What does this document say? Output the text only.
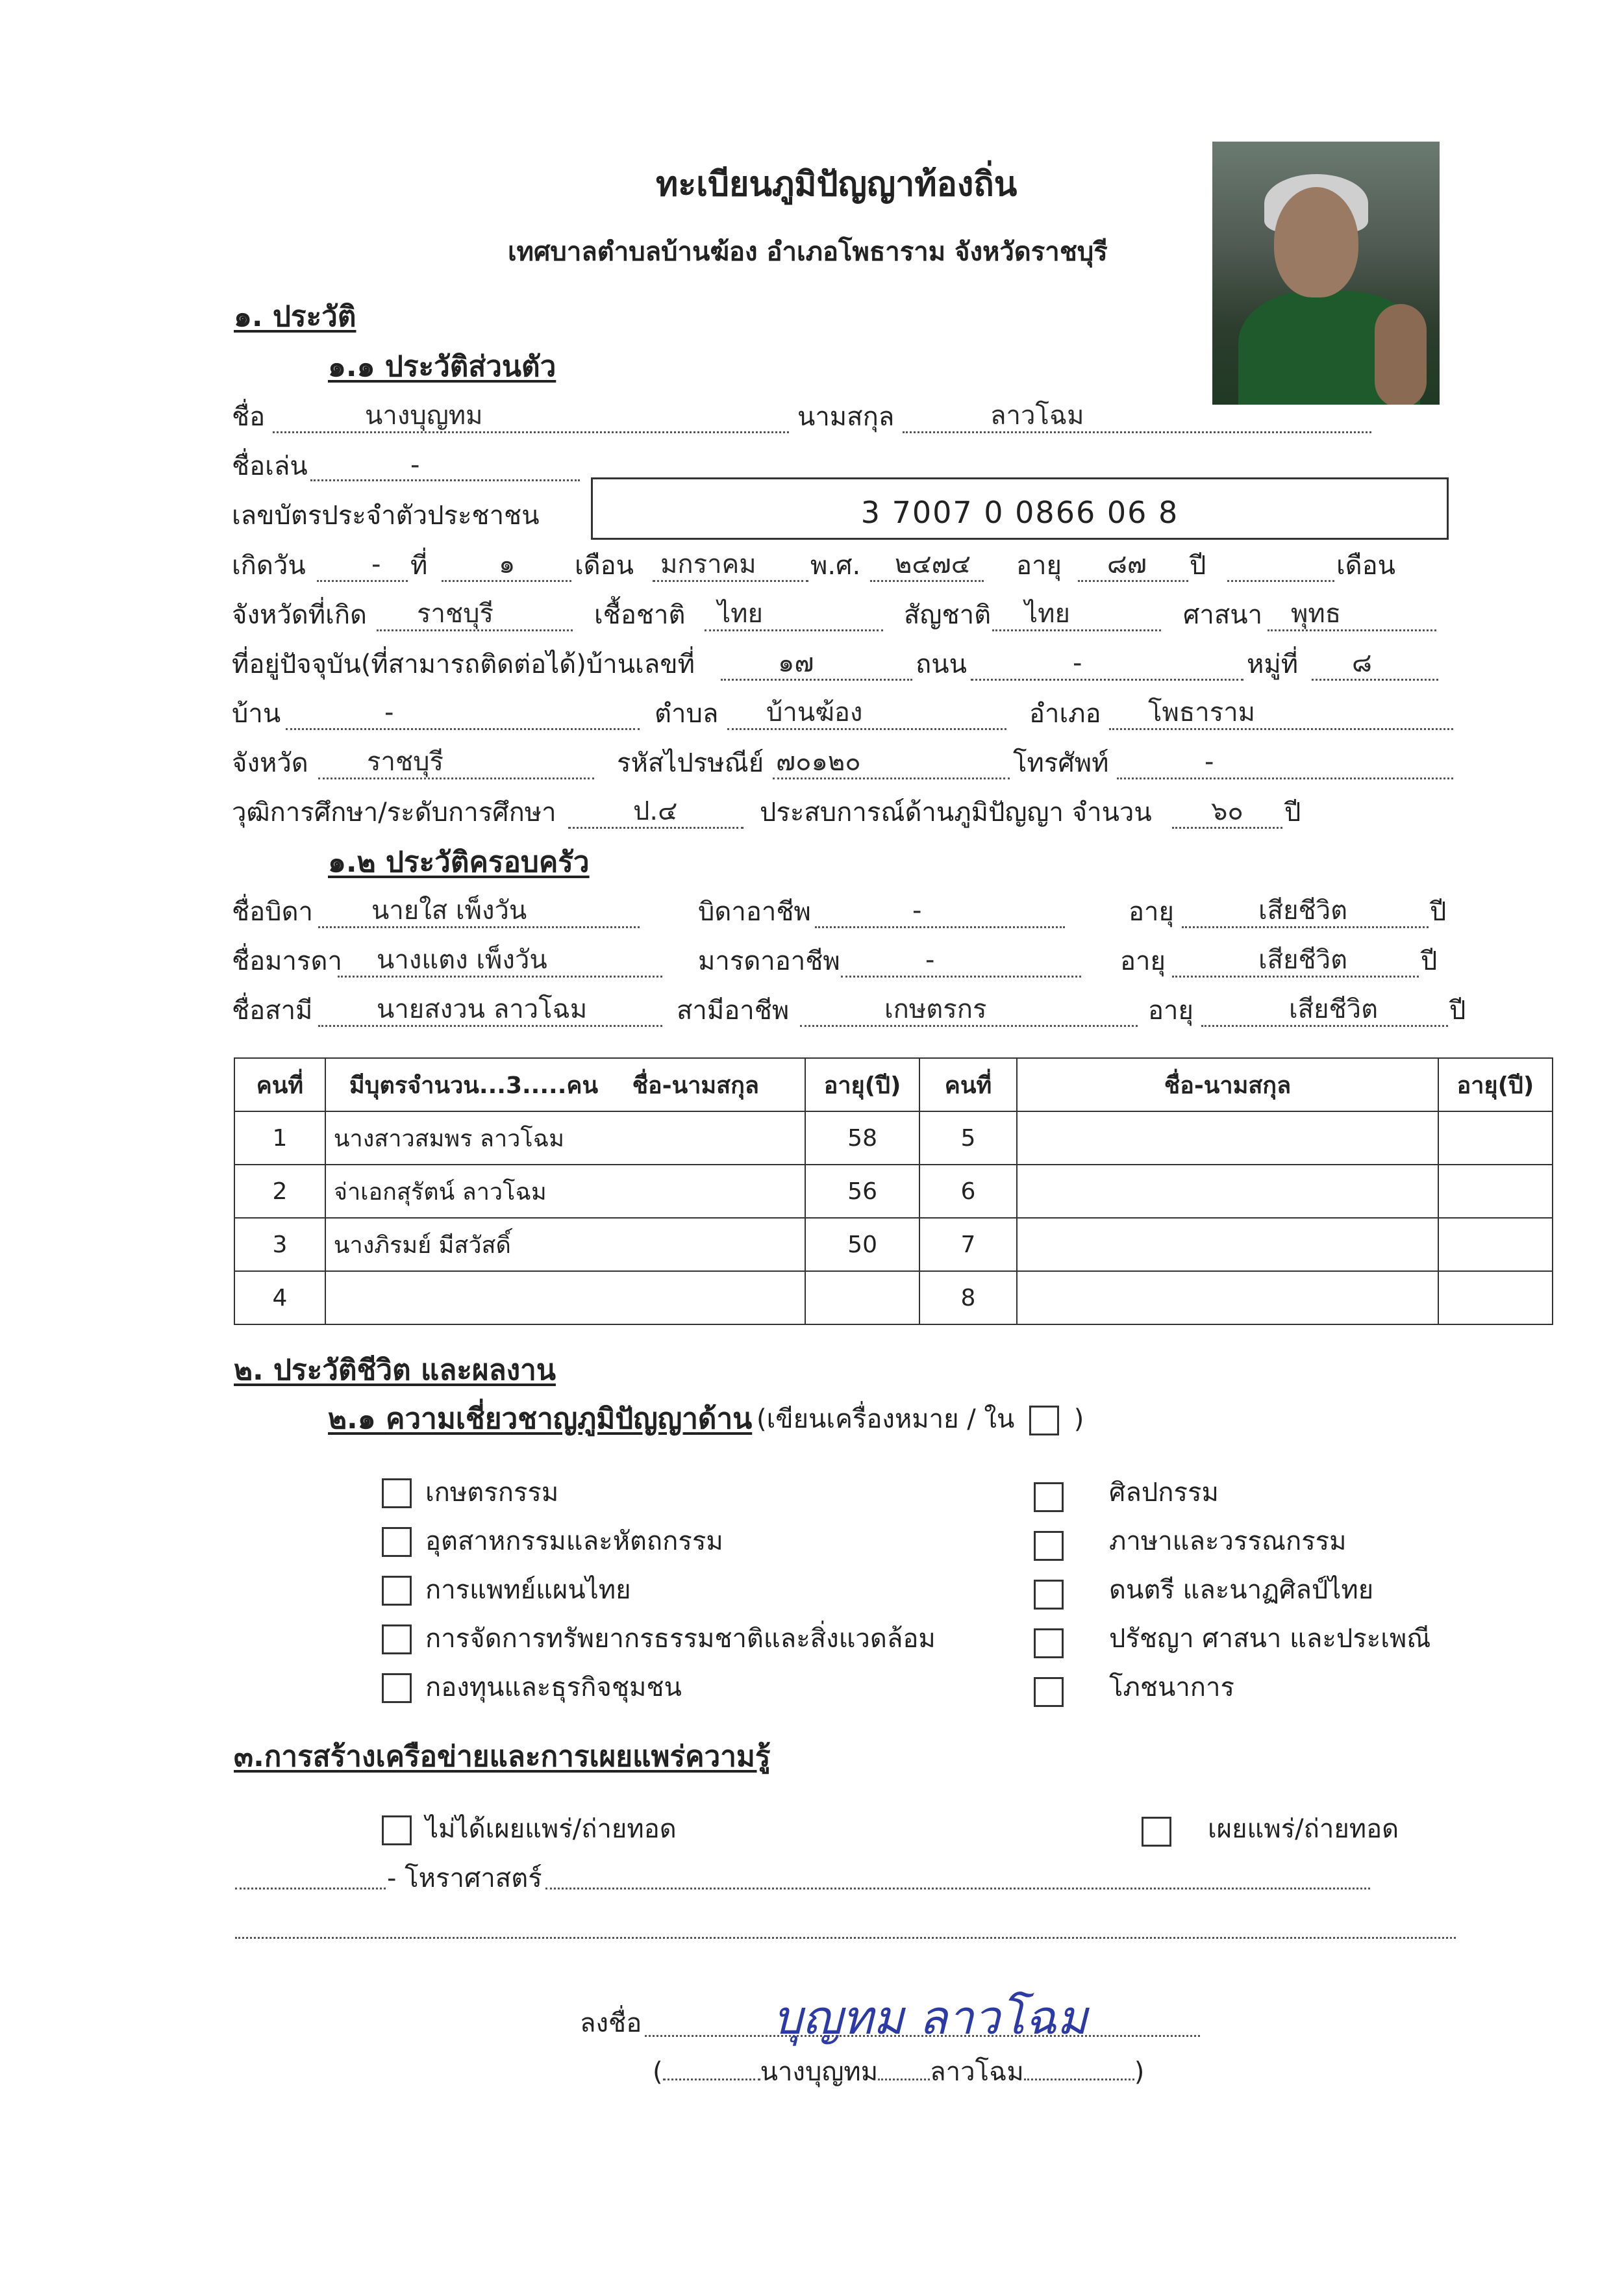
ทะเบียนภูมิปัญญาท้องถิ่น
เทศบาลตำบลบ้านฆ้อง อำเภอโพธาราม จังหวัดราชบุรี
๑. ประวัติ
๑.๑ ประวัติส่วนตัว
ชื่อ	นางบุญทม	นามสกุล	ลาวโฉม
ชื่อเล่น	-
เลขบัตรประจำตัวประชาชน	3 7007 0 0866 06 8
เกิดวัน	- ที่	๑ เดือน มกราคม พ.ศ. ๒๔๗๔ อายุ ๘๗ ปี	เดือน
จังหวัดที่เกิด ราชบุรี	เชื้อชาติ ไทย	สัญชาติ ไทย	ศาสนา พุทธ
ที่อยู่ปัจจุบัน(ที่สามารถติดต่อได้)บ้านเลขที่	๑๗	ถนน	-	หมู่ที่ ๘
บ้าน	-	ตำบล บ้านฆ้อง	อำเภอ โพธาราม
จังหวัด ราชบุรี	รหัสไปรษณีย์ ๗๐๑๒๐	โทรศัพท์	-
วุฒิการศึกษา/ระดับการศึกษา	ป.๔	ประสบการณ์ด้านภูมิปัญญา จำนวน ๖๐ ปี
๑.๒ ประวัติครอบครัว
ชื่อบิดา นายใส เพ็งวัน	บิดาอาชีพ	-	อายุ	เสียชีวิต	ปี
ชื่อมารดา นางแตง เพ็งวัน	มารดาอาชีพ	-	อายุ	เสียชีวิต	ปี
ชื่อสามี นายสงวน ลาวโฉม	สามีอาชีพ	เกษตรกร	อายุ	เสียชีวิต	ปี
คนที่	มีบุตรจำนวน...3.....คน ชื่อ-นามสกุล	อายุ(ปี)	คนที่	ชื่อ-นามสกุล	อายุ(ปี)
1	นางสาวสมพร ลาวโฉม	58	5		
2	จ่าเอกสุรัตน์ ลาวโฉม	56	6		
3	นางภิรมย์ มีสวัสดิ์	50	7		
4			8		
๒. ประวัติชีวิต และผลงาน
๒.๑ ความเชี่ยวชาญภูมิปัญญาด้าน (เขียนเครื่องหมาย / ใน )
เกษตรกรรม
อุตสาหกรรมและหัตถกรรม
การแพทย์แผนไทย
การจัดการทรัพยากรธรรมชาติและสิ่งแวดล้อม
กองทุนและธุรกิจชุมชน
ศิลปกรรม
ภาษาและวรรณกรรม
ดนตรี และนาฏศิลป์ไทย
ปรัชญา ศาสนา และประเพณี
โภชนาการ
๓.การสร้างเครือข่ายและการเผยแพร่ความรู้
ไม่ได้เผยแพร่/ถ่ายทอด	เผยแพร่/ถ่ายทอด
- โหราศาสตร์
ลงชื่อ	บุญทม ลาวโฉม
(	นางบุญทม ลาวโฉม	)
